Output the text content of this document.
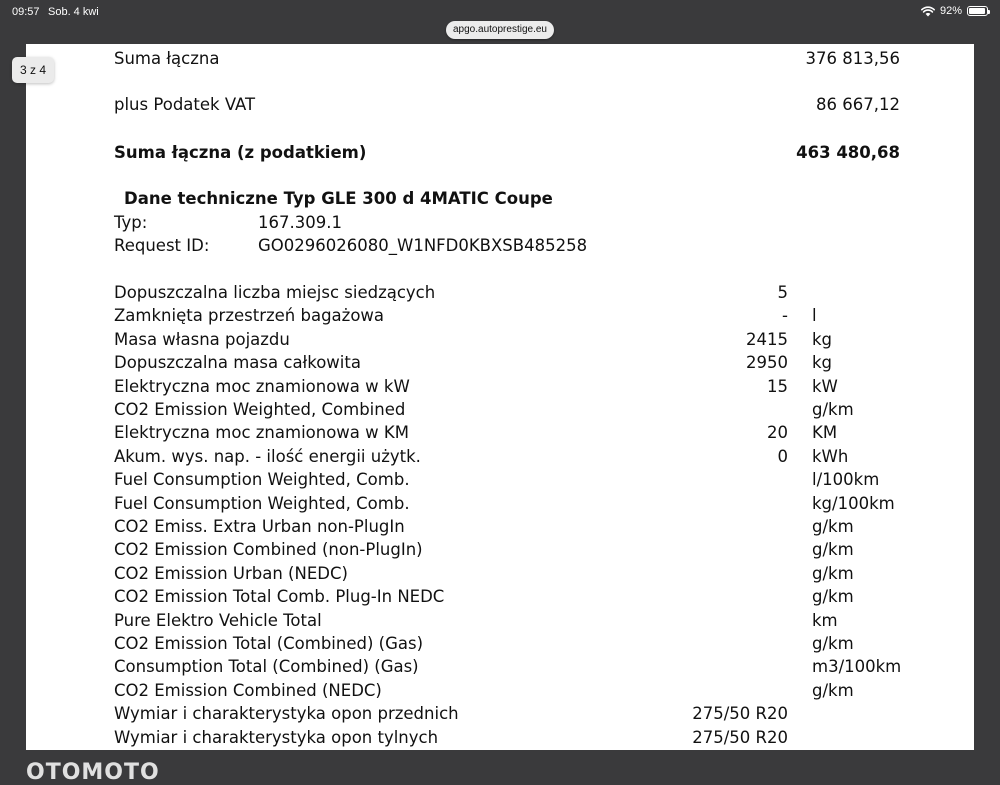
09:57 Sob. 4 kwi	92%
apgo.autoprestige.eu
Suma łączna	376 813,56
plus Podatek VAT	86 667,12
Suma łączna (z podatkiem)	463 480,68
Dane techniczne Typ GLE 300 d 4MATIC Coupe
Typ:	167.309.1
Request ID:	GO0296026080_W1NFD0KBXSB485258
Dopuszczalna liczba miejsc siedzących	5
Zamknięta przestrzeń bagażowa	- l
Masa własna pojazdu	2415 kg
Dopuszczalna masa całkowita	2950 kg
Elektryczna moc znamionowa w kW	15 kW
CO2 Emission Weighted, Combined	g/km
Elektryczna moc znamionowa w KM	20 KM
Akum. wys. nap. - ilość energii użytk.	0 kWh
Fuel Consumption Weighted, Comb.	l/100km
Fuel Consumption Weighted, Comb.	kg/100km
CO2 Emiss. Extra Urban non-PlugIn	g/km
CO2 Emission Combined (non-PlugIn)	g/km
CO2 Emission Urban (NEDC)	g/km
CO2 Emission Total Comb. Plug-In NEDC	g/km
Pure Elektro Vehicle Total	km
CO2 Emission Total (Combined) (Gas)	g/km
Consumption Total (Combined) (Gas)	m3/100km
CO2 Emission Combined (NEDC)	g/km
Wymiar i charakterystyka opon przednich	275/50 R20
Wymiar i charakterystyka opon tylnych	275/50 R20
OTOMOTO
3 z 4
